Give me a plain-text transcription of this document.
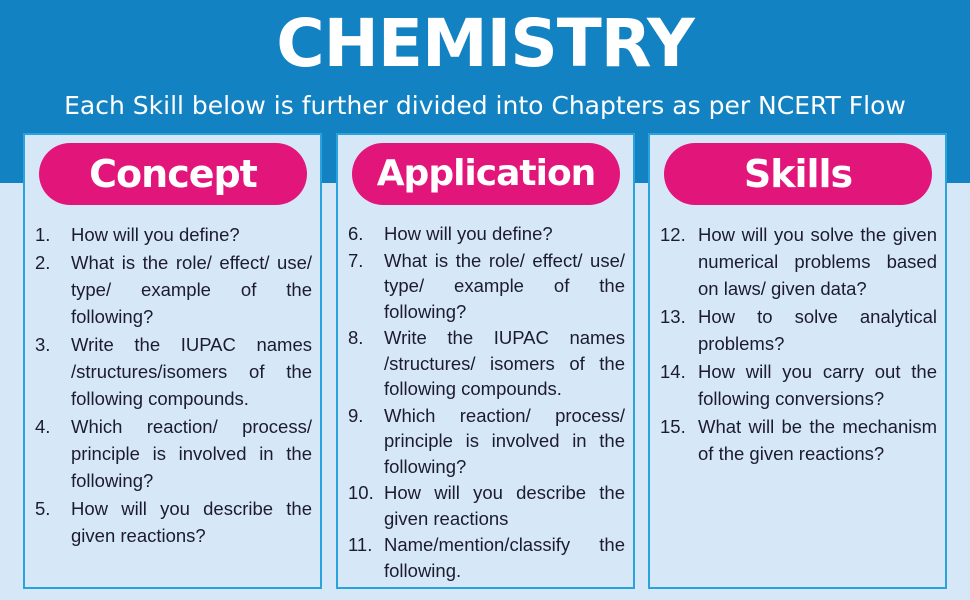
CHEMISTRY
Each Skill below is further divided into Chapters as per NCERT Flow
Concept
1.	How will you define?
2.	What is the role/ effect/ use/ type/ example of the following?
3.	Write the IUPAC names /structures/isomers of the following compounds.
4.	Which reaction/ process/ principle is involved in the following?
5.	How will you describe the given reactions?
Application
6.	How will you define?
7.	What is the role/ effect/ use/ type/ example of the following?
8.	Write the IUPAC names /structures/ isomers of the following compounds.
9.	Which reaction/ process/ principle is involved in the following?
10. How will you describe the given reactions
11. Name/mention/classify the following.
Skills
12. How will you solve the given numerical problems based on laws/ given data?
13. How to solve analytical problems?
14. How will you carry out the following conversions?
15. What will be the mechanism of the given reactions?
